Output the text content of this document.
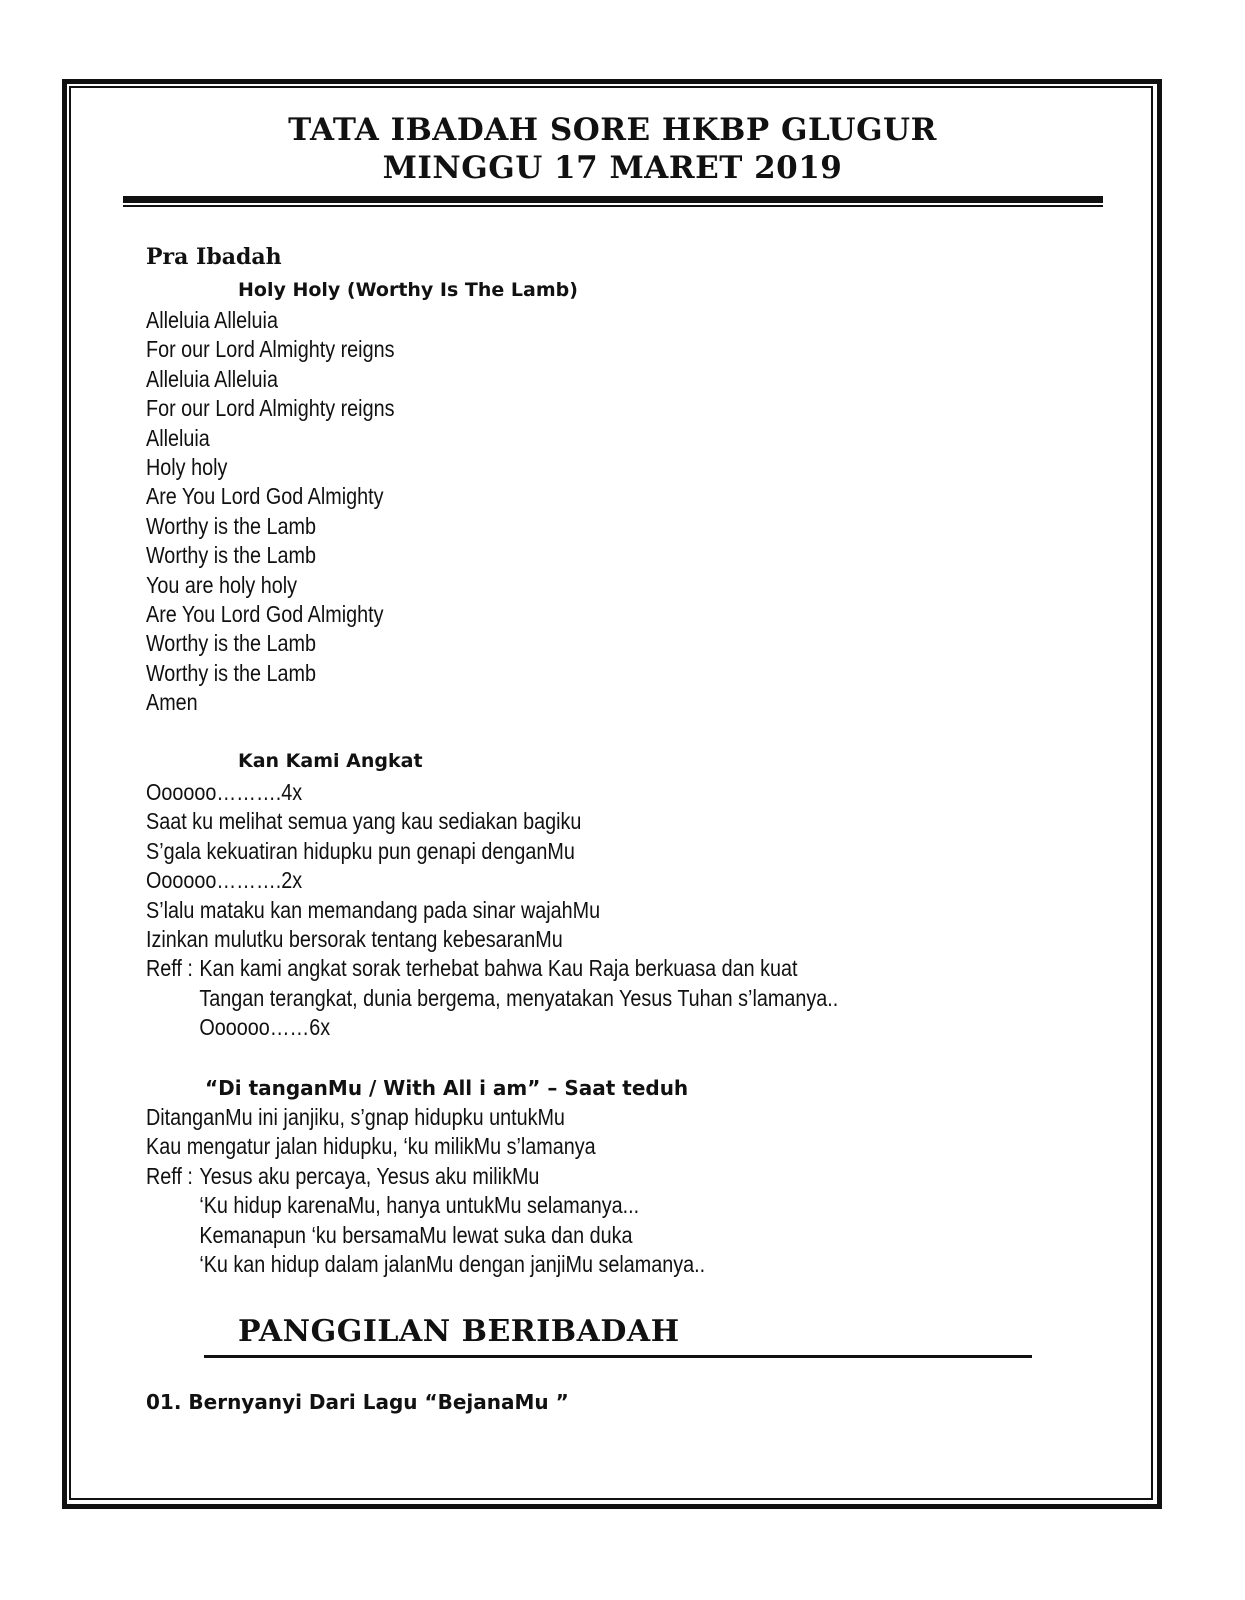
TATA IBADAH SORE HKBP GLUGUR
MINGGU 17 MARET 2019
Pra Ibadah
Holy Holy (Worthy Is The Lamb)
Alleluia Alleluia
For our Lord Almighty reigns
Alleluia Alleluia
For our Lord Almighty reigns
Alleluia
Holy holy
Are You Lord God Almighty
Worthy is the Lamb
Worthy is the Lamb
You are holy holy
Are You Lord God Almighty
Worthy is the Lamb
Worthy is the Lamb
Amen
Kan Kami Angkat
Oooooo……….4x
Saat ku melihat semua yang kau sediakan bagiku
S’gala kekuatiran hidupku pun genapi denganMu
Oooooo……….2x
S’lalu mataku kan memandang pada sinar wajahMu
Izinkan mulutku bersorak tentang kebesaranMu
Reff : Kan kami angkat sorak terhebat bahwa Kau Raja berkuasa dan kuat
Tangan terangkat, dunia bergema, menyatakan Yesus Tuhan s’lamanya..
Oooooo……6x
“Di tanganMu / With All i am” – Saat teduh
DitanganMu ini janjiku, s’gnap hidupku untukMu
Kau mengatur jalan hidupku, ‘ku milikMu s’lamanya
Reff : Yesus aku percaya, Yesus aku milikMu
‘Ku hidup karenaMu, hanya untukMu selamanya...
Kemanapun ‘ku bersamaMu lewat suka dan duka
‘Ku kan hidup dalam jalanMu dengan janjiMu selamanya..
PANGGILAN BERIBADAH
01. Bernyanyi Dari Lagu “BejanaMu ”
